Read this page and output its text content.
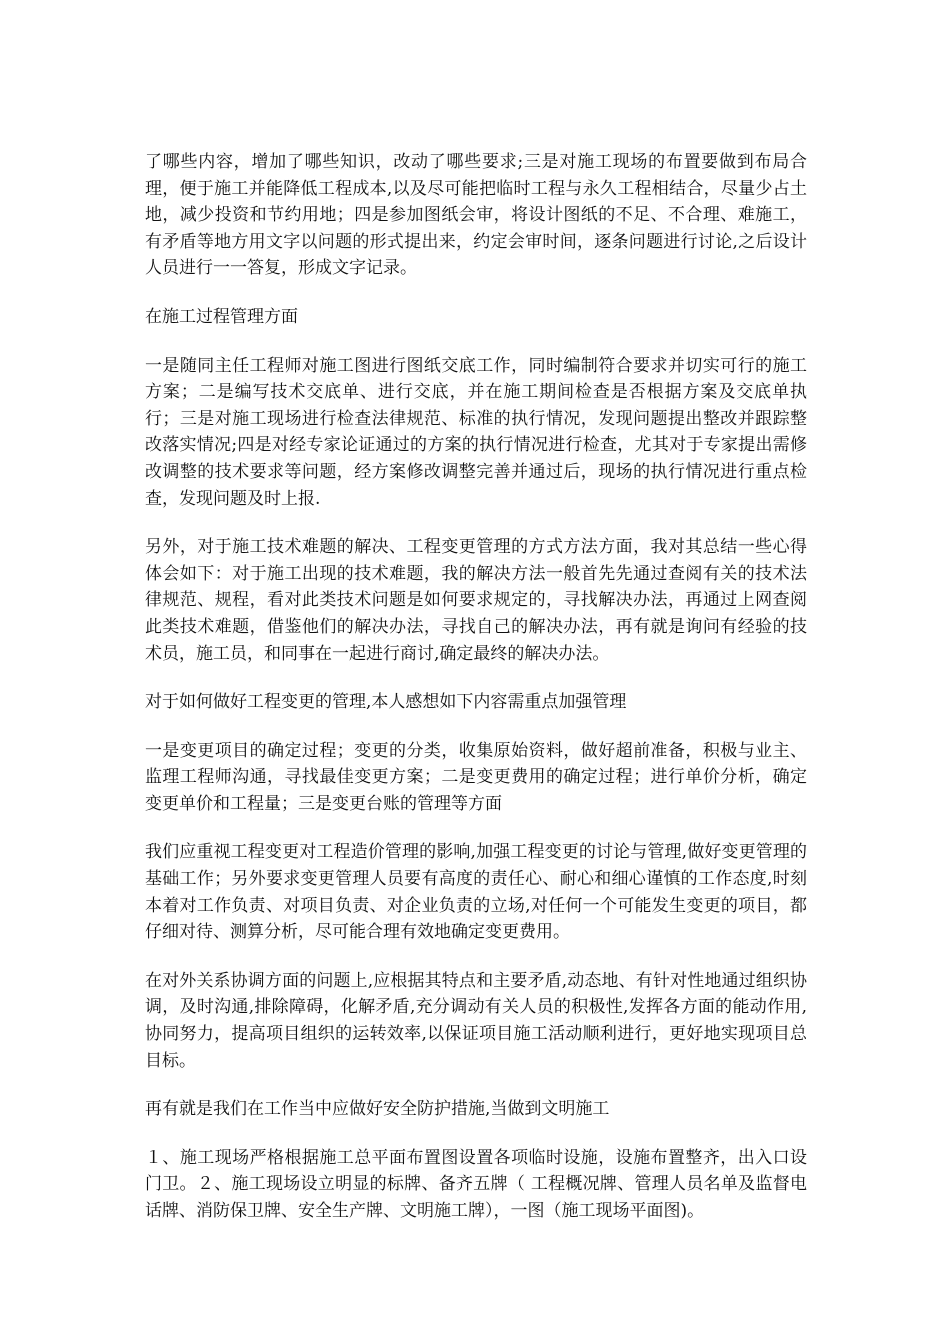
了哪些内容，增加了哪些知识，改动了哪些要求;三是对施工现场的布置要做到布局合理，便于施工并能降低工程成本,以及尽可能把临时工程与永久工程相结合，尽量少占土地，减少投资和节约用地；四是参加图纸会审，将设计图纸的不足、不合理、难施工，有矛盾等地方用文字以问题的形式提出来，约定会审时间，逐条问题进行讨论,之后设计人员进行一一答复，形成文字记录。

在施工过程管理方面

一是随同主任工程师对施工图进行图纸交底工作，同时编制符合要求并切实可行的施工方案；二是编写技术交底单、进行交底，并在施工期间检查是否根据方案及交底单执行；三是对施工现场进行检查法律规范、标准的执行情况，发现问题提出整改并跟踪整改落实情况;四是对经专家论证通过的方案的执行情况进行检查，尤其对于专家提出需修改调整的技术要求等问题，经方案修改调整完善并通过后，现场的执行情况进行重点检查，发现问题及时上报.

另外，对于施工技术难题的解决、工程变更管理的方式方法方面，我对其总结一些心得体会如下：对于施工出现的技术难题，我的解决方法一般首先先通过查阅有关的技术法律规范、规程，看对此类技术问题是如何要求规定的，寻找解决办法，再通过上网查阅此类技术难题，借鉴他们的解决办法，寻找自己的解决办法，再有就是询问有经验的技术员，施工员，和同事在一起进行商讨,确定最终的解决办法。

对于如何做好工程变更的管理,本人感想如下内容需重点加强管理

一是变更项目的确定过程；变更的分类，收集原始资料，做好超前准备，积极与业主、监理工程师沟通，寻找最佳变更方案；二是变更费用的确定过程；进行单价分析，确定变更单价和工程量；三是变更台账的管理等方面

我们应重视工程变更对工程造价管理的影响,加强工程变更的讨论与管理,做好变更管理的基础工作；另外要求变更管理人员要有高度的责任心、耐心和细心谨慎的工作态度,时刻本着对工作负责、对项目负责、对企业负责的立场,对任何一个可能发生变更的项目，都仔细对待、测算分析，尽可能合理有效地确定变更费用。

在对外关系协调方面的问题上,应根据其特点和主要矛盾,动态地、有针对性地通过组织协调，及时沟通,排除障碍，化解矛盾,充分调动有关人员的积极性,发挥各方面的能动作用,协同努力，提高项目组织的运转效率,以保证项目施工活动顺利进行，更好地实现项目总目标。

再有就是我们在工作当中应做好安全防护措施,当做到文明施工

１、施工现场严格根据施工总平面布置图设置各项临时设施，设施布置整齐，出入口设门卫。２、施工现场设立明显的标牌、备齐五牌（ 工程概况牌、管理人员名单及监督电话牌、消防保卫牌、安全生产牌、文明施工牌），一图（施工现场平面图)。
